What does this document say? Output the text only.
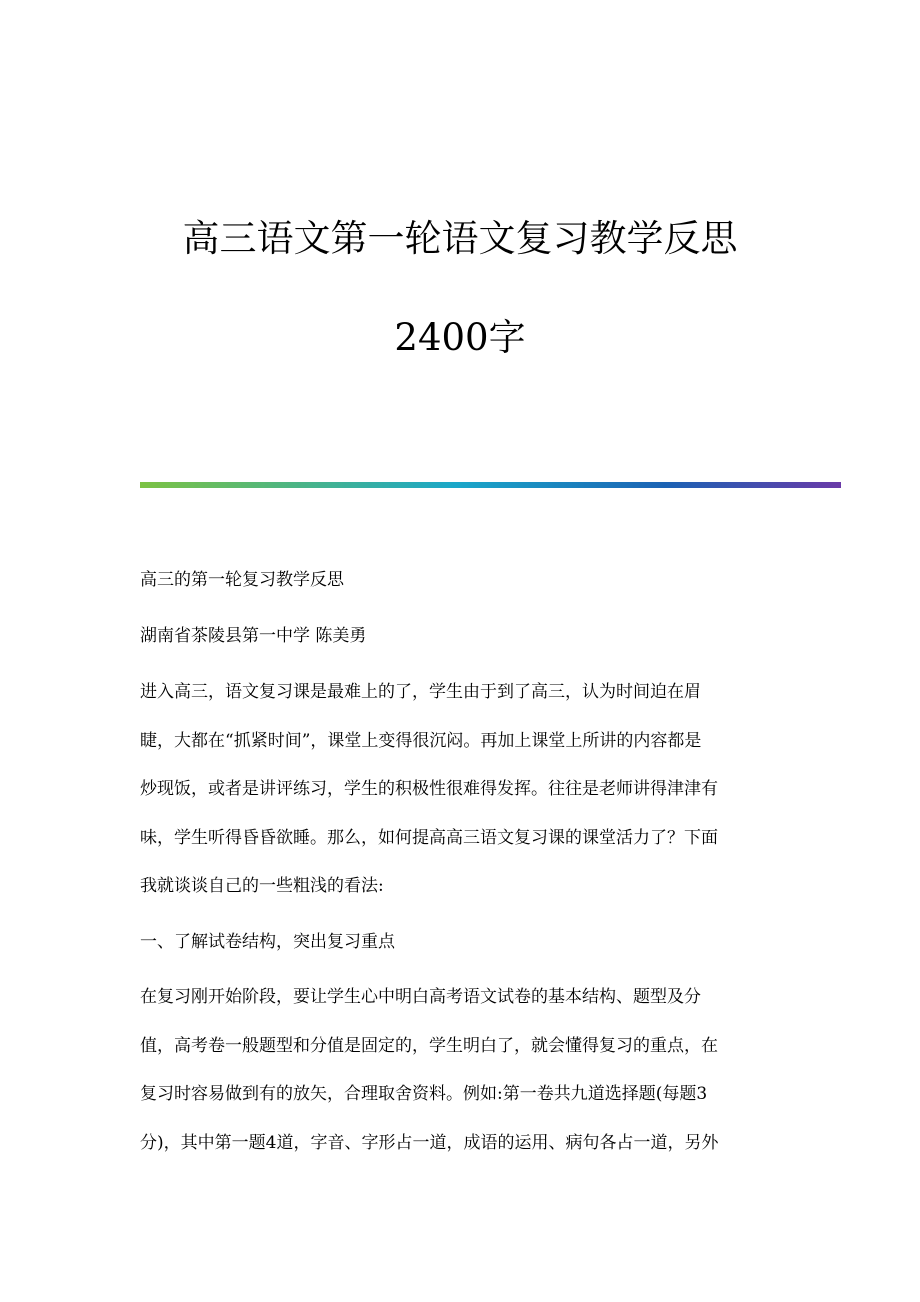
高三语文第一轮语文复习教学反思
2400字
高三的第一轮复习教学反思
湖南省茶陵县第一中学 陈美勇
进入高三，语文复习课是最难上的了，学生由于到了高三，认为时间迫在眉
睫，大都在“抓紧时间”，课堂上变得很沉闷。再加上课堂上所讲的内容都是
炒现饭，或者是讲评练习，学生的积极性很难得发挥。往往是老师讲得津津有
味，学生听得昏昏欲睡。那么，如何提高高三语文复习课的课堂活力了？下面
我就谈谈自己的一些粗浅的看法:
一、了解试卷结构，突出复习重点
在复习刚开始阶段，要让学生心中明白高考语文试卷的基本结构、题型及分
值，高考卷一般题型和分值是固定的，学生明白了，就会懂得复习的重点，在
复习时容易做到有的放矢，合理取舍资料。例如:第一卷共九道选择题(每题3
分)，其中第一题4道，字音、字形占一道，成语的运用、病句各占一道，另外
